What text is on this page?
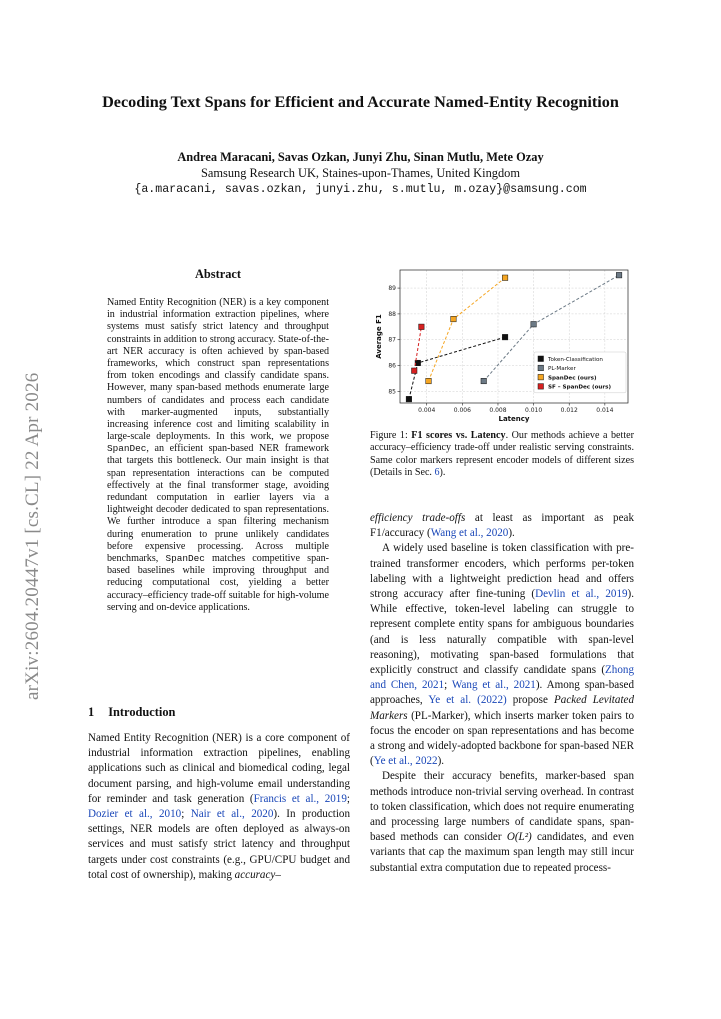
arXiv:2604.20447v1 [cs.CL] 22 Apr 2026
Decoding Text Spans for Efficient and Accurate Named-Entity Recognition
Andrea Maracani, Savas Ozkan, Junyi Zhu, Sinan Mutlu, Mete Ozay
Samsung Research UK, Staines-upon-Thames, United Kingdom
{a.maracani, savas.ozkan, junyi.zhu, s.mutlu, m.ozay}@samsung.com
Abstract
Named Entity Recognition (NER) is a key component in industrial information extraction pipelines, where systems must satisfy strict latency and throughput constraints in addition to strong accuracy. State-of-the-art NER accuracy is often achieved by span-based frameworks, which construct span representations from token encodings and classify candidate spans. However, many span-based methods enumerate large numbers of candidates and process each candidate with marker-augmented inputs, substantially increasing inference cost and limiting scalability in large-scale deployments. In this work, we propose SpanDec, an efficient span-based NER framework that targets this bottleneck. Our main insight is that span representation interactions can be computed effectively at the final transformer stage, avoiding redundant computation in earlier layers via a lightweight decoder dedicated to span representations. We further introduce a span filtering mechanism during enumeration to prune unlikely candidates before expensive processing. Across multiple benchmarks, SpanDec matches competitive span-based baselines while improving throughput and reducing computational cost, yielding a better accuracy–efficiency trade-off suitable for high-volume serving and on-device applications.
1 Introduction
Named Entity Recognition (NER) is a core component of industrial information extraction pipelines, enabling applications such as clinical and biomedical coding, legal document parsing, and high-volume email understanding for reminder and task generation (Francis et al., 2019; Dozier et al., 2010; Nair et al., 2020). In production settings, NER models are often deployed as always-on services and must satisfy strict latency and throughput targets under cost constraints (e.g., GPU/CPU budget and total cost of ownership), making accuracy–
0.004	0.006	0.008	0.010	0.012	0.014
85
86
87
88
89
Latency
Average F1
Token-Classification
PL-Marker
SpanDec (ours)
SF – SpanDec (ours)
Figure 1: F1 scores vs. Latency. Our methods achieve a better accuracy–efficiency trade-off under realistic serving constraints. Same color markers represent encoder models of different sizes (Details in Sec. 6).

efficiency trade-offs at least as important as peak F1/accuracy (Wang et al., 2020).

A widely used baseline is token classification with pre-trained transformer encoders, which performs per-token labeling with a lightweight prediction head and offers strong accuracy after fine-tuning (Devlin et al., 2019). While effective, token-level labeling can struggle to represent complete entity spans for ambiguous boundaries (and is less naturally compatible with span-level reasoning), motivating span-based formulations that explicitly construct and classify candidate spans (Zhong and Chen, 2021; Wang et al., 2021). Among span-based approaches, Ye et al. (2022) propose Packed Levitated Markers (PL-Marker), which inserts marker token pairs to focus the encoder on span representations and has become a strong and widely-adopted backbone for span-based NER (Ye et al., 2022).

Despite their accuracy benefits, marker-based span methods introduce non-trivial serving overhead. In contrast to token classification, which does not require enumerating and processing large numbers of candidate spans, span-based methods can consider O(L²) candidates, and even variants that cap the maximum span length may still incur substantial extra computation due to repeated process-
